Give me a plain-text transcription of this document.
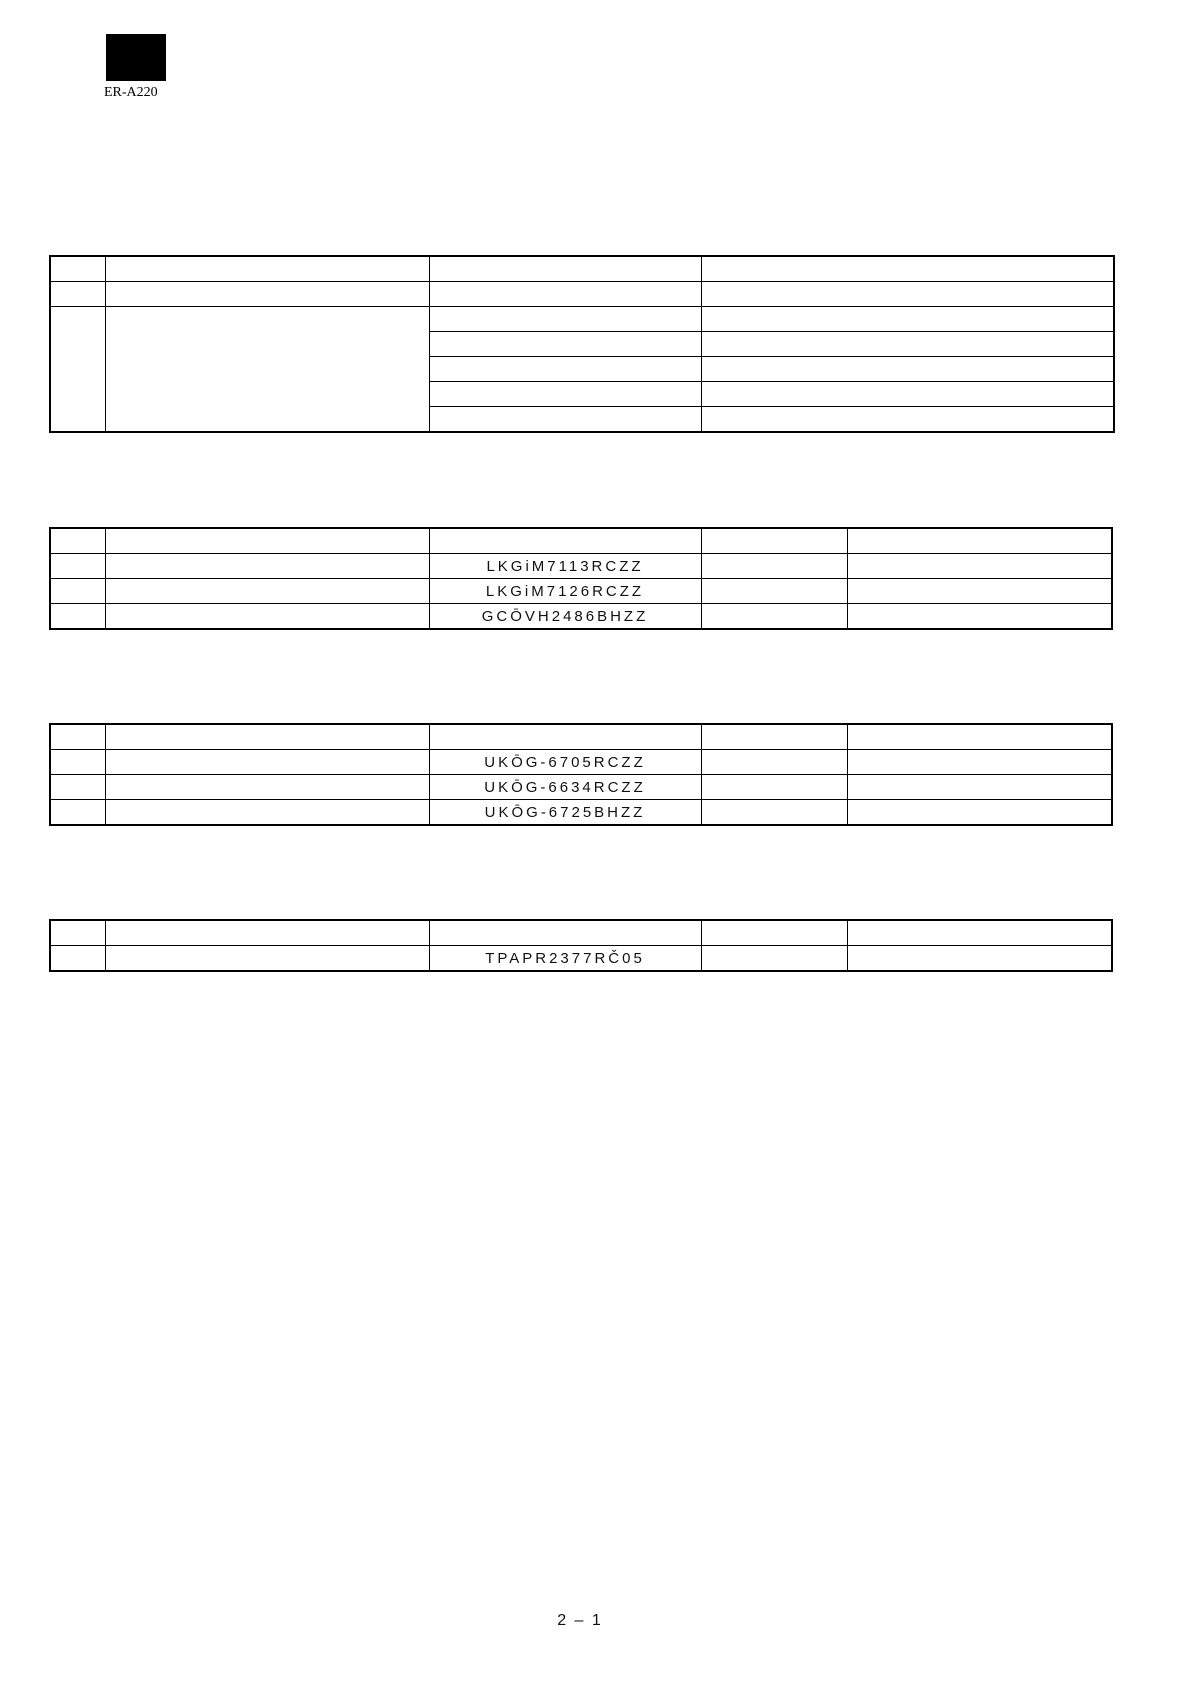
ER-A220

		LKGiM7113RCZZ		
		LKGiM7126RCZZ		
		GCŌVH2486BHZZ		

		UKŌG-6705RCZZ		
		UKŌG-6634RCZZ		
		UKŌG-6725BHZZ		

		TPAPR2377RČ05		
2 – 1
